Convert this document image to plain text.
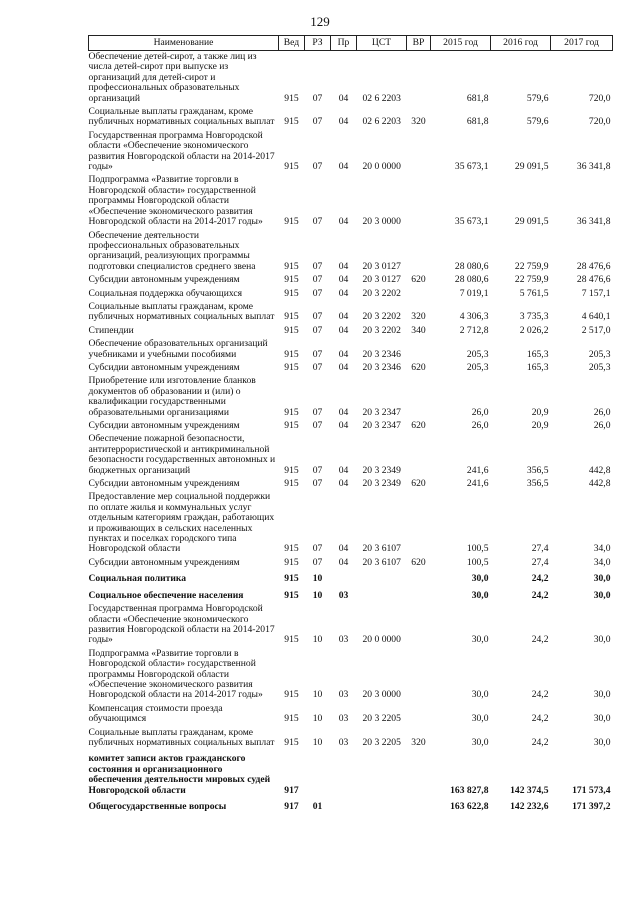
129
Наименование	Вед	РЗ	Пр	ЦСТ	ВР	2015 год	2016 год	2017 год
Обеспечение детей-сирот, а также лиц из числа детей-сирот при выпуске из организаций для детей-сирот и профессиональных образовательных организаций	915	07	04	02 6 2203		681,8	579,6	720,0
Социальные выплаты гражданам, кроме публичных нормативных социальных выплат	915	07	04	02 6 2203	320	681,8	579,6	720,0
Государственная программа Новгородской области «Обеспечение экономического развития Новгородской области на 2014-2017 годы»	915	07	04	20 0 0000		35 673,1	29 091,5	36 341,8
Подпрограмма «Развитие торговли в Новгородской области» государственной программы Новгородской области «Обеспечение экономического развития Новгородской области на 2014-2017 годы»	915	07	04	20 3 0000		35 673,1	29 091,5	36 341,8
Обеспечение деятельности профессиональных образовательных организаций, реализующих программы подготовки специалистов среднего звена	915	07	04	20 3 0127		28 080,6	22 759,9	28 476,6
Субсидии автономным учреждениям	915	07	04	20 3 0127	620	28 080,6	22 759,9	28 476,6
Социальная поддержка обучающихся	915	07	04	20 3 2202		7 019,1	5 761,5	7 157,1
Социальные выплаты гражданам, кроме публичных нормативных социальных выплат	915	07	04	20 3 2202	320	4 306,3	3 735,3	4 640,1
Стипендии	915	07	04	20 3 2202	340	2 712,8	2 026,2	2 517,0
Обеспечение образовательных организаций учебниками и учебными пособиями	915	07	04	20 3 2346		205,3	165,3	205,3
Субсидии автономным учреждениям	915	07	04	20 3 2346	620	205,3	165,3	205,3
Приобретение или изготовление бланков документов об образовании и (или) о квалификации государственными образовательными организациями	915	07	04	20 3 2347		26,0	20,9	26,0
Субсидии автономным учреждениям	915	07	04	20 3 2347	620	26,0	20,9	26,0
Обеспечение пожарной безопасности, антитеррористической и антикриминальной безопасности государственных автономных и бюджетных организаций	915	07	04	20 3 2349		241,6	356,5	442,8
Субсидии автономным учреждениям	915	07	04	20 3 2349	620	241,6	356,5	442,8
Предоставление мер социальной поддержки по оплате жилья и коммунальных услуг отдельным категориям граждан, работающих и проживающих в сельских населенных пунктах и поселках городского типа Новгородской области	915	07	04	20 3 6107		100,5	27,4	34,0
Субсидии автономным учреждениям	915	07	04	20 3 6107	620	100,5	27,4	34,0
Социальная политика	915	10				30,0	24,2	30,0
Социальное обеспечение населения	915	10	03			30,0	24,2	30,0
Государственная программа Новгородской области «Обеспечение экономического развития Новгородской области на 2014-2017 годы»	915	10	03	20 0 0000		30,0	24,2	30,0
Подпрограмма «Развитие торговли в Новгородской области» государственной программы Новгородской области «Обеспечение экономического развития Новгородской области на 2014-2017 годы»	915	10	03	20 3 0000		30,0	24,2	30,0
Компенсация стоимости проезда обучающимся	915	10	03	20 3 2205		30,0	24,2	30,0
Социальные выплаты гражданам, кроме публичных нормативных социальных выплат	915	10	03	20 3 2205	320	30,0	24,2	30,0
комитет записи актов гражданского состояния и организационного обеспечения деятельности мировых судей Новгородской области	917					163 827,8	142 374,5	171 573,4
Общегосударственные вопросы	917	01				163 622,8	142 232,6	171 397,2
